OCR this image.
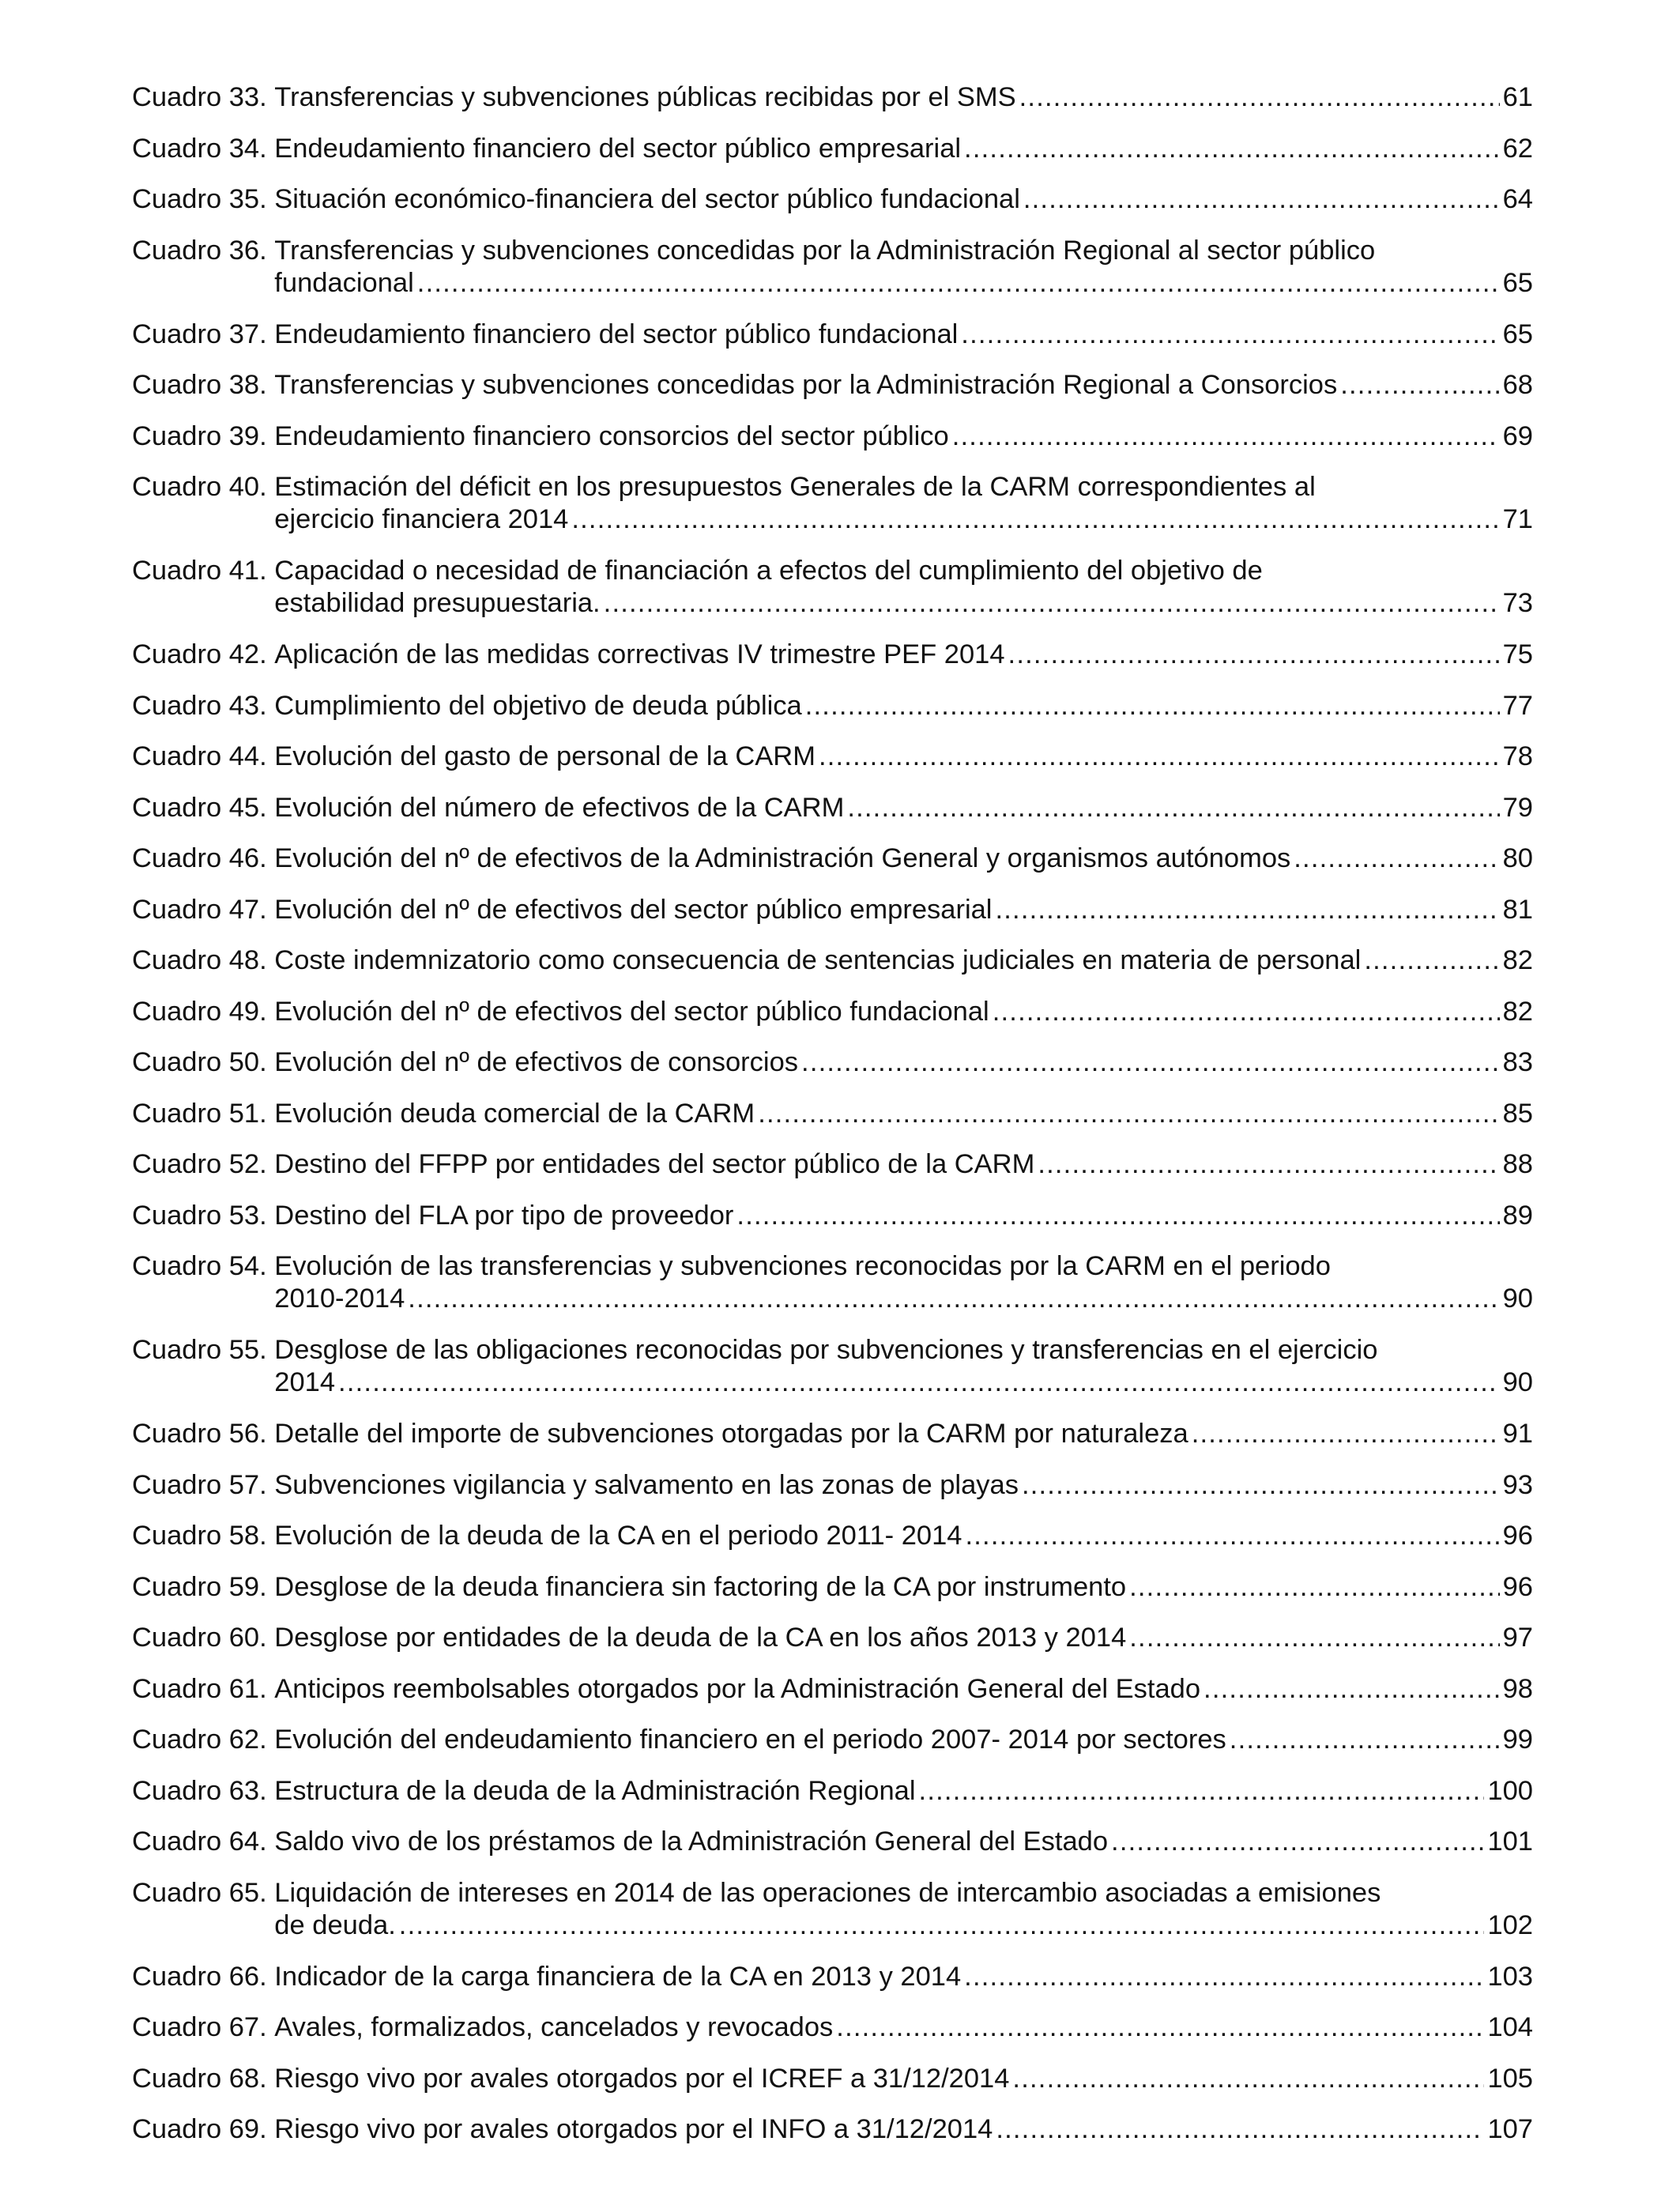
Cuadro 33.
Transferencias y subvenciones públicas recibidas por el SMS .....	61
Cuadro 34.
Endeudamiento financiero del sector público empresarial .....	62
Cuadro 35.
Situación económico-financiera del sector público fundacional .....	64
Cuadro 36.
Transferencias y subvenciones concedidas por la Administración Regional al sector público
fundacional .....	65
Cuadro 37.
Endeudamiento financiero del sector público fundacional .....	65
Cuadro 38.
Transferencias y subvenciones concedidas por la Administración Regional a Consorcios .....	68
Cuadro 39.
Endeudamiento financiero consorcios del sector público .....	69
Cuadro 40.
Estimación del déficit en los presupuestos Generales de la CARM correspondientes al
ejercicio financiera 2014 .....	71
Cuadro 41.
Capacidad o necesidad de financiación a efectos del cumplimiento del objetivo de
estabilidad presupuestaria. .....	73
Cuadro 42.
Aplicación de las medidas correctivas IV trimestre PEF 2014 .....	75
Cuadro 43.
Cumplimiento del objetivo de deuda pública .....	77
Cuadro 44.
Evolución del gasto de personal de la CARM .....	78
Cuadro 45.
Evolución del número de efectivos de la CARM .....	79
Cuadro 46.
Evolución del nº de efectivos de la Administración General y organismos autónomos .....	80
Cuadro 47.
Evolución del nº de efectivos del sector público empresarial .....	81
Cuadro 48.
Coste indemnizatorio como consecuencia de sentencias judiciales en materia de personal .....	82
Cuadro 49.
Evolución del nº de efectivos del sector público fundacional .....	82
Cuadro 50.
Evolución del nº de efectivos de consorcios .....	83
Cuadro 51.
Evolución deuda comercial de la CARM .....	85
Cuadro 52.
Destino del FFPP por entidades del sector público de la CARM .....	88
Cuadro 53.
Destino del FLA por tipo de proveedor .....	89
Cuadro 54.
Evolución de las transferencias y subvenciones reconocidas por la CARM en el periodo
2010-2014 .....	90
Cuadro 55.
Desglose de las obligaciones reconocidas por subvenciones y transferencias en el ejercicio
2014 .....	90
Cuadro 56.
Detalle del importe de subvenciones otorgadas por la CARM por naturaleza .....	91
Cuadro 57.
Subvenciones vigilancia y salvamento en las zonas de playas .....	93
Cuadro 58.
Evolución de la deuda de la CA en el periodo 2011- 2014 .....	96
Cuadro 59.
Desglose de la deuda financiera sin factoring de la CA por instrumento .....	96
Cuadro 60.
Desglose por entidades de la deuda de la CA en los años 2013 y 2014 .....	97
Cuadro 61.
Anticipos reembolsables otorgados por la Administración General del Estado .....	98
Cuadro 62.
Evolución del endeudamiento financiero en el periodo 2007- 2014 por sectores .....	99
Cuadro 63.
Estructura de la deuda de la Administración Regional .....	100
Cuadro 64.
Saldo vivo de los préstamos de la Administración General del Estado .....	101
Cuadro 65.
Liquidación de intereses en 2014 de las operaciones de intercambio asociadas a emisiones
de deuda. .....	102
Cuadro 66.
Indicador de la carga financiera de la CA en 2013 y 2014 .....	103
Cuadro 67.
Avales, formalizados, cancelados y revocados .....	104
Cuadro 68.
Riesgo vivo por avales otorgados por el ICREF a 31/12/2014 .....	105
Cuadro 69.
Riesgo vivo por avales otorgados por el INFO a 31/12/2014 .....	107
